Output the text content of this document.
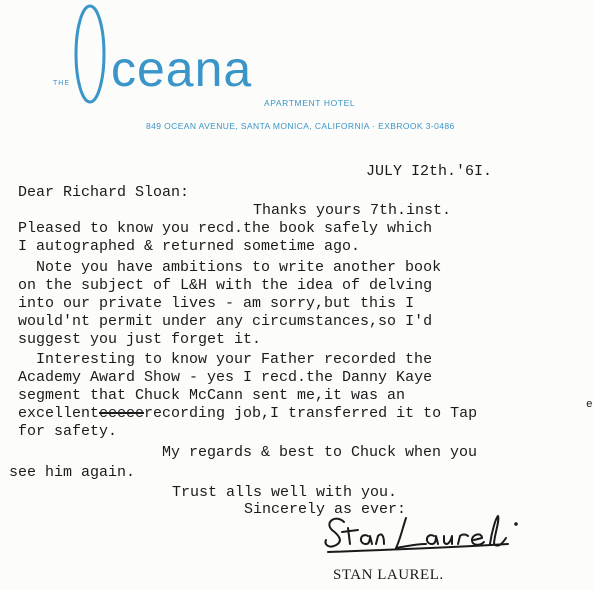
THE ceana
APARTMENT HOTEL
849 OCEAN AVENUE, SANTA MONICA, CALIFORNIA · EXBROOK 3-0486
JULY I2th.'6I.
Dear Richard Sloan:
Thanks yours 7th.inst.
Pleased to know you recd.the book safely which
I autographed & returned sometime ago.
Note you have ambitions to write another book
on the subject of L&H with the idea of delving
into our private lives - am sorry,but this I
would'nt permit under any circumstances,so I'd
suggest you just forget it.
Interesting to know your Father recorded the
Academy Award Show - yes I recd.the Danny Kaye
segment that Chuck McCann sent me,it was an
excellenteeeeerecording job,I transferred it to Tap	e
for safety.
My regards & best to Chuck when you
see him again.
Trust alls well with you.
Sincerely as ever:
STAN LAUREL.
